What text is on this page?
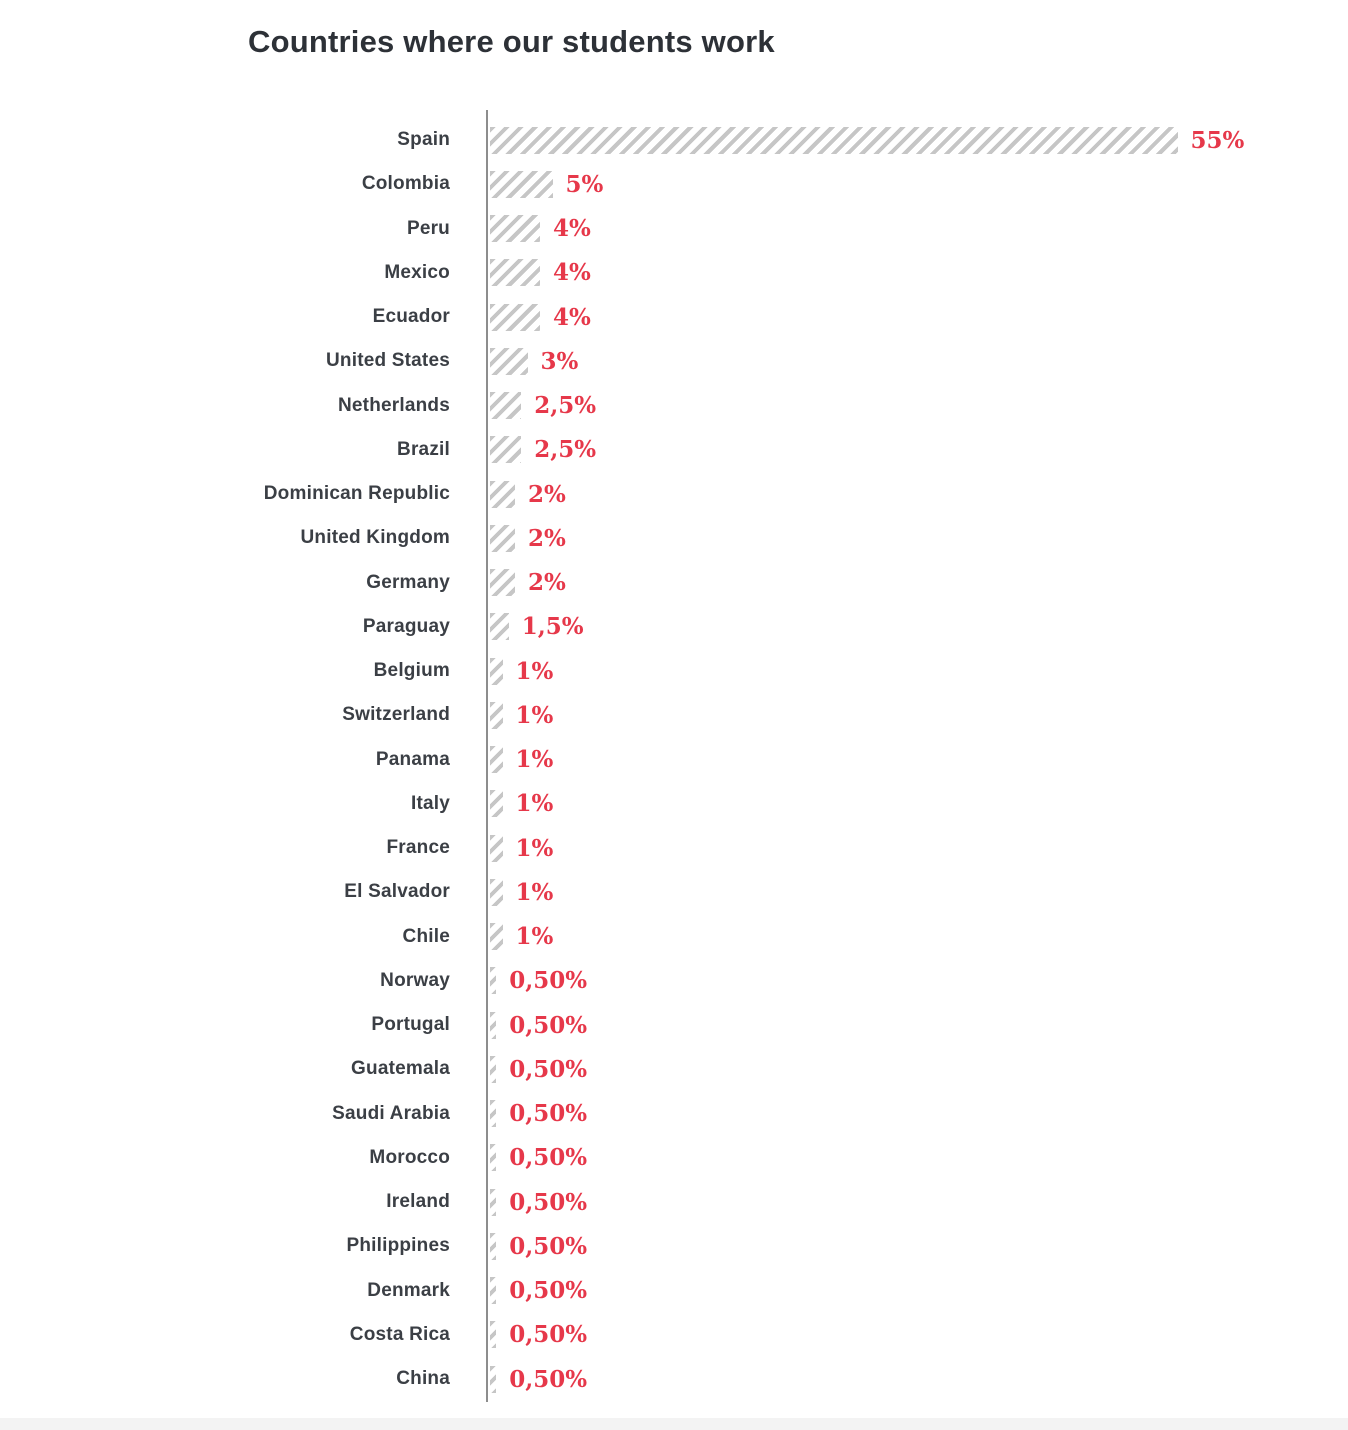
Countries where our students work
Spain	55%
Colombia	5%
Peru	4%
Mexico	4%
Ecuador	4%
United States	3%
Netherlands	2,5%
Brazil	2,5%
Dominican Republic	2%
United Kingdom	2%
Germany	2%
Paraguay	1,5%
Belgium	1%
Switzerland	1%
Panama	1%
Italy	1%
France	1%
El Salvador	1%
Chile	1%
Norway	0,50%
Portugal	0,50%
Guatemala	0,50%
Saudi Arabia	0,50%
Morocco	0,50%
Ireland	0,50%
Philippines	0,50%
Denmark	0,50%
Costa Rica	0,50%
China	0,50%
